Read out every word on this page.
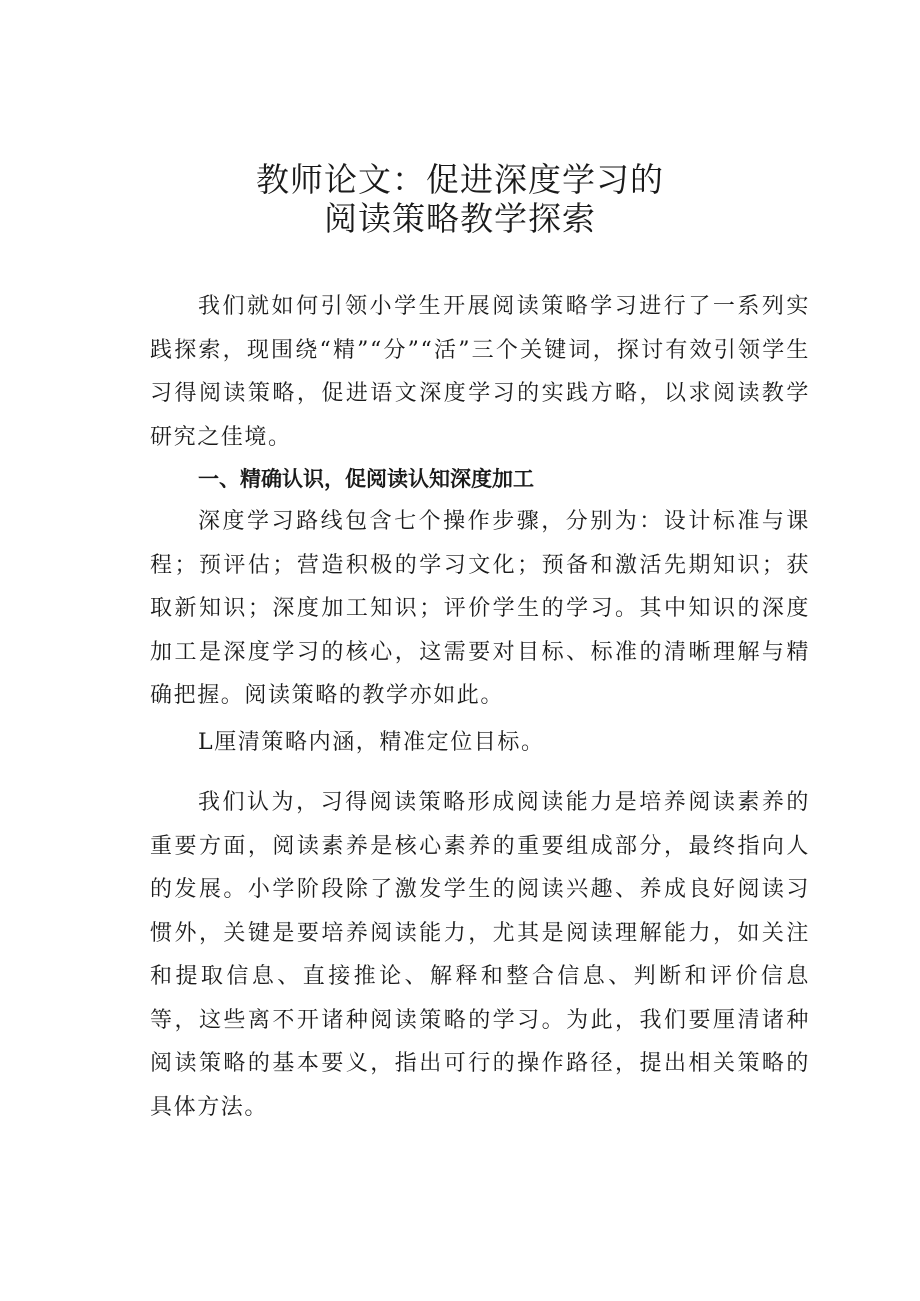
教师论文：促进深度学习的
阅读策略教学探索

我们就如何引领小学生开展阅读策略学习进行了一系列实践探索，现围绕“精”“分”“活”三个关键词，探讨有效引领学生习得阅读策略，促进语文深度学习的实践方略，以求阅读教学研究之佳境。

一、精确认识，促阅读认知深度加工

深度学习路线包含七个操作步骤，分别为：设计标准与课程；预评估；营造积极的学习文化；预备和激活先期知识；获取新知识；深度加工知识；评价学生的学习。其中知识的深度加工是深度学习的核心，这需要对目标、标准的清晰理解与精确把握。阅读策略的教学亦如此。

L厘清策略内涵，精准定位目标。

我们认为，习得阅读策略形成阅读能力是培养阅读素养的重要方面，阅读素养是核心素养的重要组成部分，最终指向人的发展。小学阶段除了激发学生的阅读兴趣、养成良好阅读习惯外，关键是要培养阅读能力，尤其是阅读理解能力，如关注和提取信息、直接推论、解释和整合信息、判断和评价信息等，这些离不开诸种阅读策略的学习。为此，我们要厘清诸种阅读策略的基本要义，指出可行的操作路径，提出相关策略的具体方法。
